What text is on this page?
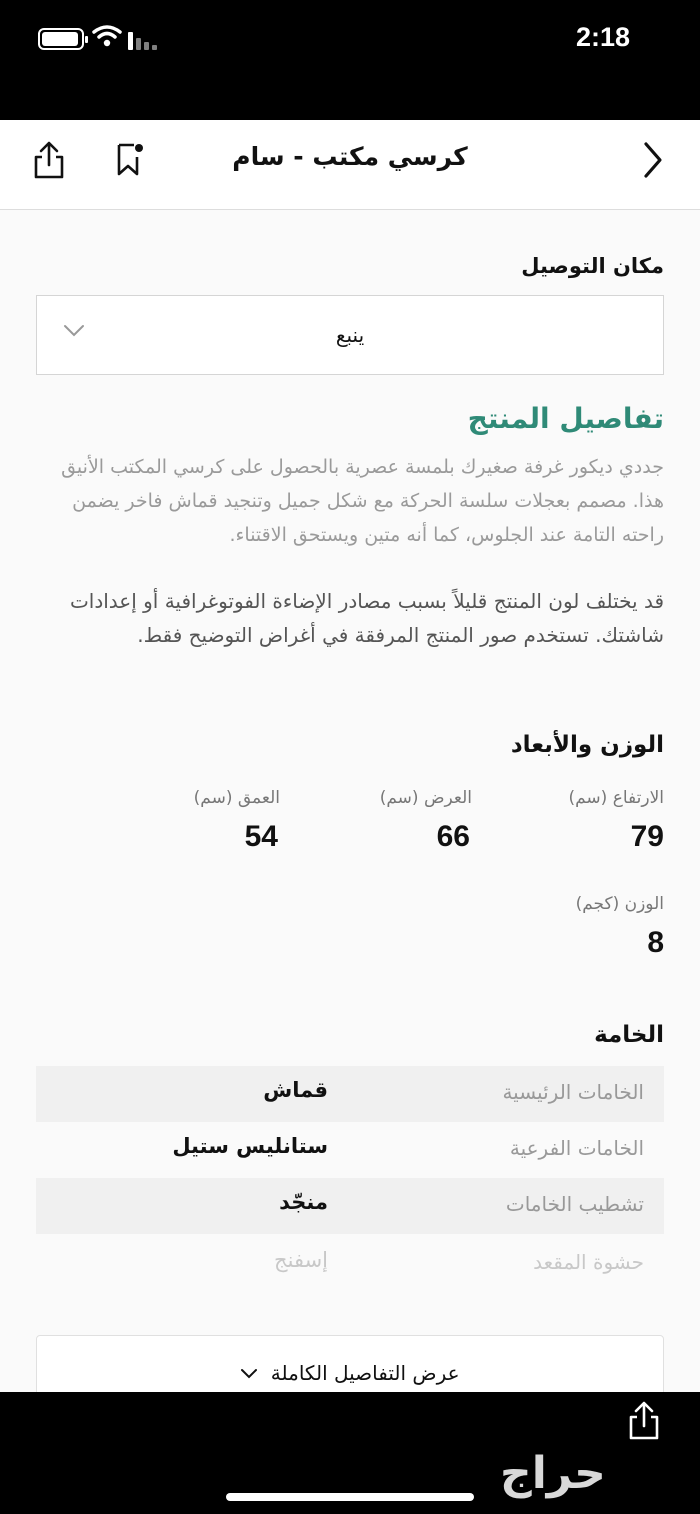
2:18
كرسي مكتب - سام
مكان التوصيل
ينبع
تفاصيل المنتج
جددي ديكور غرفة صغيرك بلمسة عصرية بالحصول على كرسي المكتب الأنيق هذا. مصمم بعجلات سلسة الحركة مع شكل جميل وتنجيد قماش فاخر يضمن راحته التامة عند الجلوس، كما أنه متين ويستحق الاقتناء.
قد يختلف لون المنتج قليلاً بسبب مصادر الإضاءة الفوتوغرافية أو إعدادات شاشتك. تستخدم صور المنتج المرفقة في أغراض التوضيح فقط.
الوزن والأبعاد
الارتفاع (سم)
79
العرض (سم)
66
العمق (سم)
54
الوزن (كجم)
8
الخامة
الخامات الرئيسية
قماش
الخامات الفرعية
ستانليس ستيل
تشطيب الخامات
منجّد
حشوة المقعد
إسفنج
عرض التفاصيل الكاملة
حراج
